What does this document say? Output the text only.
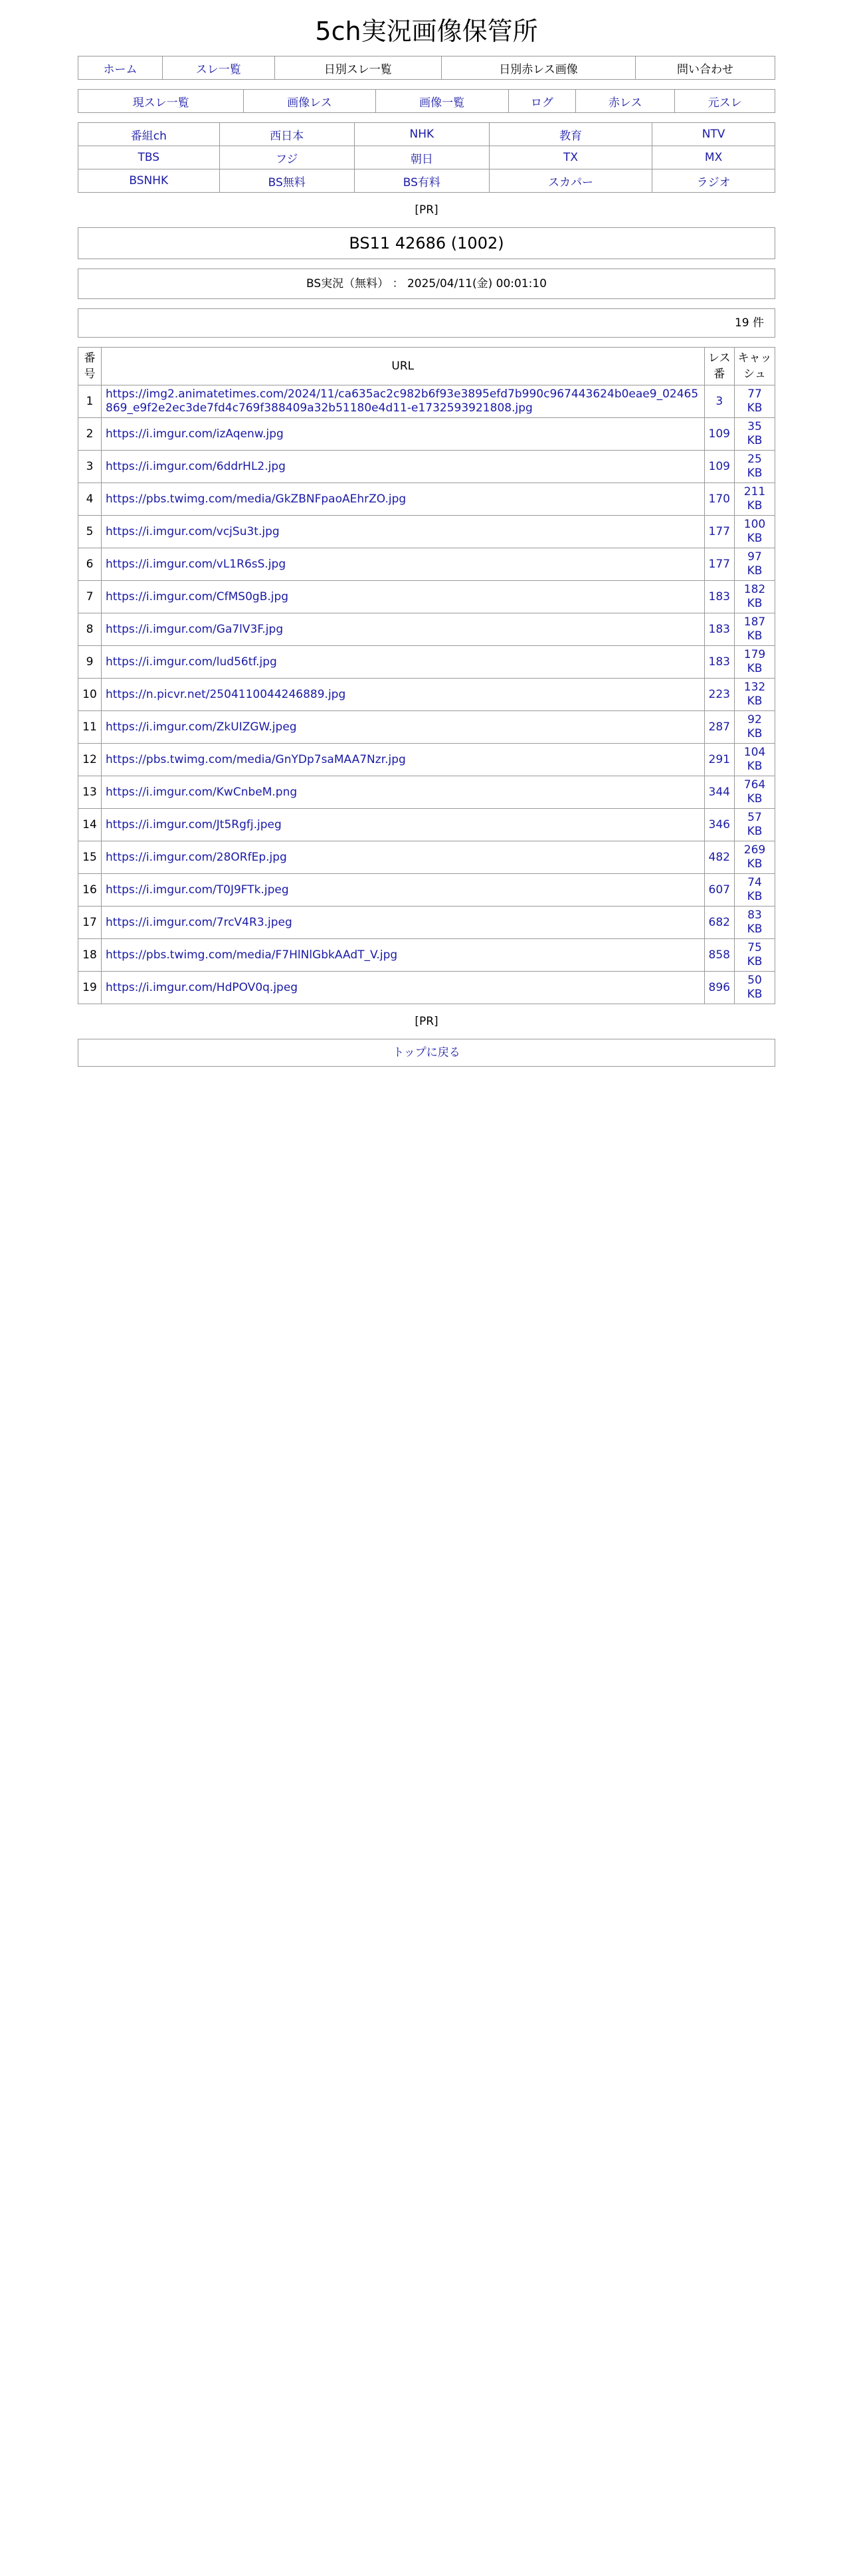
5ch実況画像保管所
ホーム	スレ一覧	日別スレ一覧	日別赤レス画像	問い合わせ
現スレ一覧	画像レス	画像一覧	ログ	赤レス	元スレ
番組ch	西日本	NHK	教育	NTV
TBS	フジ	朝日	TX	MX
BSNHK	BS無料	BS有料	スカパー	ラジオ
[PR]
BS11 42686 (1002)
BS実況（無料） ： 2025/04/11(金) 00:01:10
19 件
番号	URL	レス番	キャッシュ
1	https://img2.animatetimes.com/2024/11/ca635ac2c982b6f93e3895efd7b990c967443624b0eae9_02465869_e9f2e2ec3de7fd4c769f388409a32b51180e4d11-e1732593921808.jpg	3	77 KB
2	https://i.imgur.com/izAqenw.jpg	109	35 KB
3	https://i.imgur.com/6ddrHL2.jpg	109	25 KB
4	https://pbs.twimg.com/media/GkZBNFpaoAEhrZO.jpg	170	211 KB
5	https://i.imgur.com/vcjSu3t.jpg	177	100 KB
6	https://i.imgur.com/vL1R6sS.jpg	177	97 KB
7	https://i.imgur.com/CfMS0gB.jpg	183	182 KB
8	https://i.imgur.com/Ga7lV3F.jpg	183	187 KB
9	https://i.imgur.com/lud56tf.jpg	183	179 KB
10	https://n.picvr.net/2504110044246889.jpg	223	132 KB
11	https://i.imgur.com/ZkUIZGW.jpeg	287	92 KB
12	https://pbs.twimg.com/media/GnYDp7saMAA7Nzr.jpg	291	104 KB
13	https://i.imgur.com/KwCnbeM.png	344	764 KB
14	https://i.imgur.com/Jt5Rgfj.jpeg	346	57 KB
15	https://i.imgur.com/28ORfEp.jpg	482	269 KB
16	https://i.imgur.com/T0J9FTk.jpeg	607	74 KB
17	https://i.imgur.com/7rcV4R3.jpeg	682	83 KB
18	https://pbs.twimg.com/media/F7HlNlGbkAAdT_V.jpg	858	75 KB
19	https://i.imgur.com/HdPOV0q.jpeg	896	50 KB
[PR]
トップに戻る
